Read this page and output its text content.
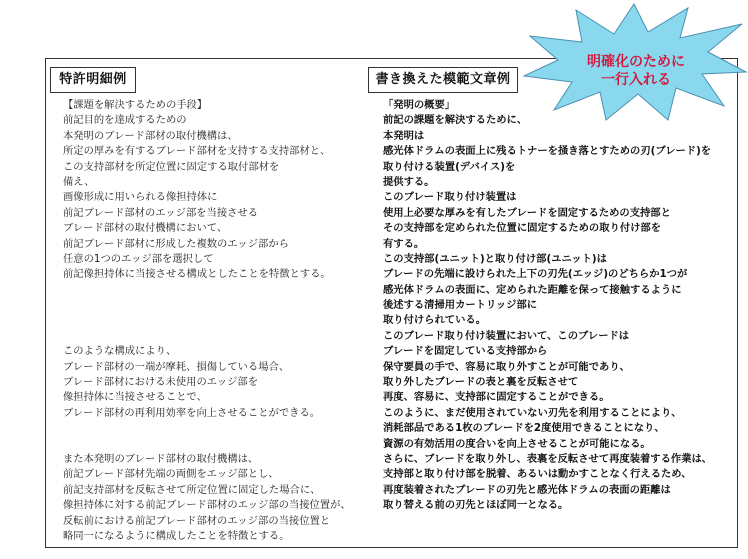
特許明細例	書き換えた模範文章例
【課題を解決するための手段】
前記目的を達成するための
本発明のブレード部材の取付機構は、
所定の厚みを有するブレード部材を支持する支持部材と、
この支持部材を所定位置に固定する取付部材を
備え、
画像形成に用いられる像担持体に
前記ブレード部材のエッジ部を当接させる
ブレード部材の取付機構において、
前記ブレード部材に形成した複数のエッジ部から
任意の1つのエッジ部を選択して
前記像担持体に当接させる構成としたことを特徴とする。
このような構成により、
ブレード部材の一端が摩耗、損傷している場合、
ブレード部材における未使用のエッジ部を
像担持体に当接させることで、
ブレード部材の再利用効率を向上させることができる。
また本発明のブレード部材の取付機構は、
前記ブレード部材先端の両側をエッジ部とし、
前記支持部材を反転させて所定位置に固定した場合に、
像担持体に対する前記ブレード部材のエッジ部の当接位置が、
反転前における前記ブレード部材のエッジ部の当接位置と
略同一になるように構成したことを特徴とする。
「発明の概要」
前記の課題を解決するために、
本発明は
感光体ドラムの表面上に残るトナーを掻き落とすための刃(ブレード)を
取り付ける装置(デバイス)を
提供する。
このブレード取り付け装置は
使用上必要な厚みを有したブレードを固定するための支持部と
その支持部を定められた位置に固定するための取り付け部を
有する。
この支持部(ユニット)と取り付け部(ユニット)は
ブレードの先端に設けられた上下の刃先(エッジ)のどちらか1つが
感光体ドラムの表面に、定められた距離を保って接触するように
後述する清掃用カートリッジ部に
取り付けられている。
このブレード取り付け装置において、このブレードは
ブレードを固定している支持部から
保守要員の手で、容易に取り外すことが可能であり、
取り外したブレードの表と裏を反転させて
再度、容易に、支持部に固定することができる。
このように、まだ使用されていない刃先を利用することにより、
消耗部品である1枚のブレードを2度使用できることになり、
資源の有効活用の度合いを向上させることが可能になる。
さらに、ブレードを取り外し、表裏を反転させて再度装着する作業は、
支持部と取り付け部を脱着、あるいは動かすことなく行えるため、
再度装着されたブレードの刃先と感光体ドラムの表面の距離は
取り替える前の刃先とほぼ同一となる。
明確化のために
一行入れる
